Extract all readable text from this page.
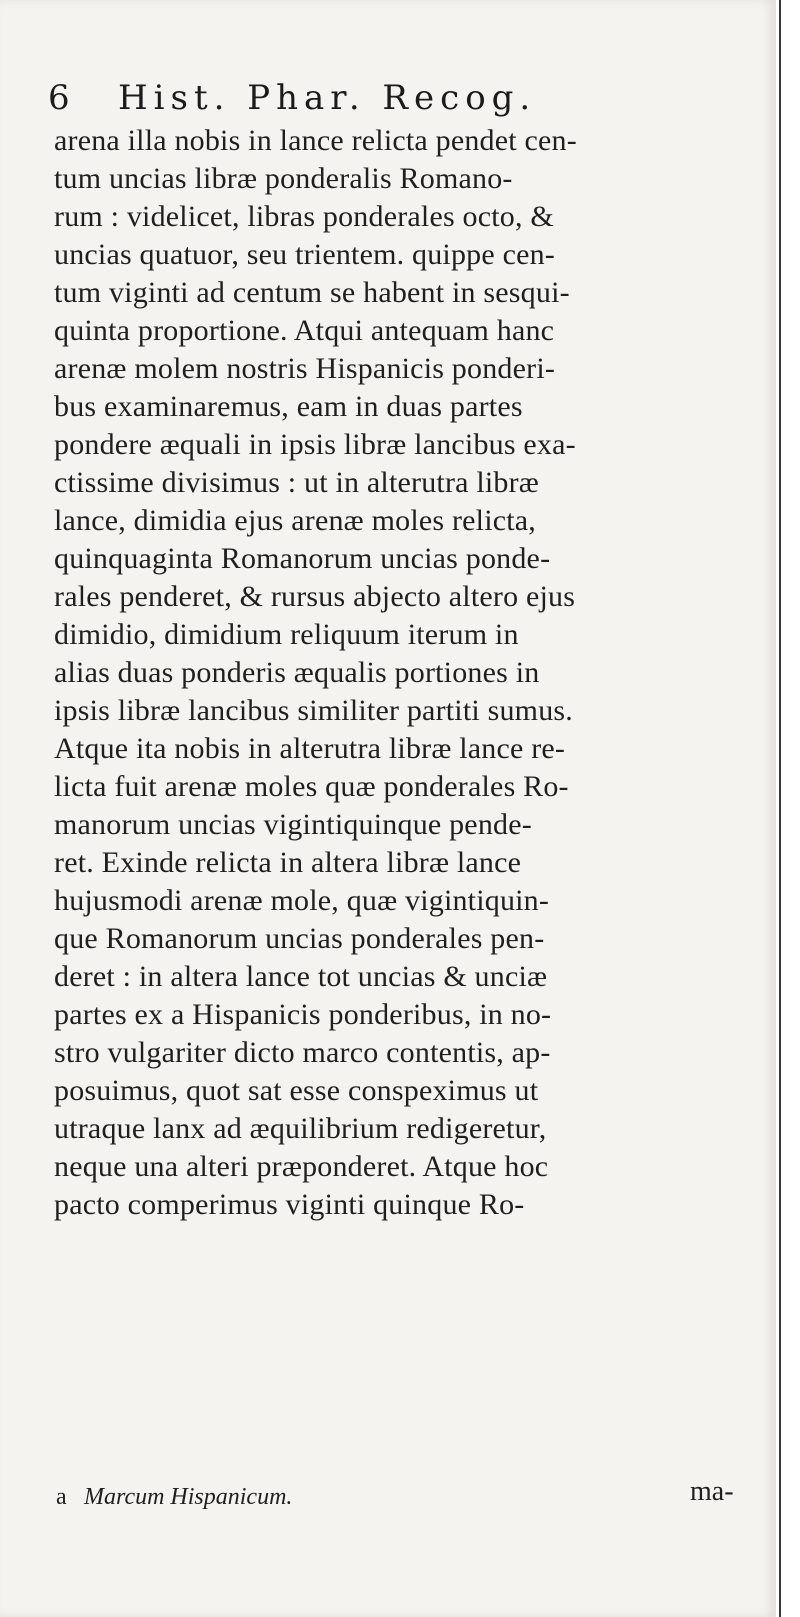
6 Hist. Phar. Recog.
arena illa nobis in lance relicta pendet cen-
tum uncias libræ ponderalis Romano-
rum : videlicet, libras ponderales octo, &
uncias quatuor, seu trientem. quippe cen-
tum viginti ad centum se habent in sesqui-
quinta proportione. Atqui antequam hanc
arenæ molem nostris Hispanicis ponderi-
bus examinaremus, eam in duas partes
pondere æquali in ipsis libræ lancibus exa-
ctissime divisimus : ut in alterutra libræ
lance, dimidia ejus arenæ moles relicta,
quinquaginta Romanorum uncias ponde-
rales penderet, & rursus abjecto altero ejus
dimidio, dimidium reliquum iterum in
alias duas ponderis æqualis portiones in
ipsis libræ lancibus similiter partiti sumus.
Atque ita nobis in alterutra libræ lance re-
licta fuit arenæ moles quæ ponderales Ro-
manorum uncias vigintiquinque pende-
ret. Exinde relicta in altera libræ lance
hujusmodi arenæ mole, quæ vigintiquin-
que Romanorum uncias ponderales pen-
deret : in altera lance tot uncias & unciæ
partes ex a Hispanicis ponderibus, in no-
stro vulgariter dicto marco contentis, ap-
posuimus, quot sat esse conspeximus ut
utraque lanx ad æquilibrium redigeretur,
neque una alteri præponderet. Atque hoc
pacto comperimus viginti quinque Ro-
a Marcum Hispanicum.	ma-
